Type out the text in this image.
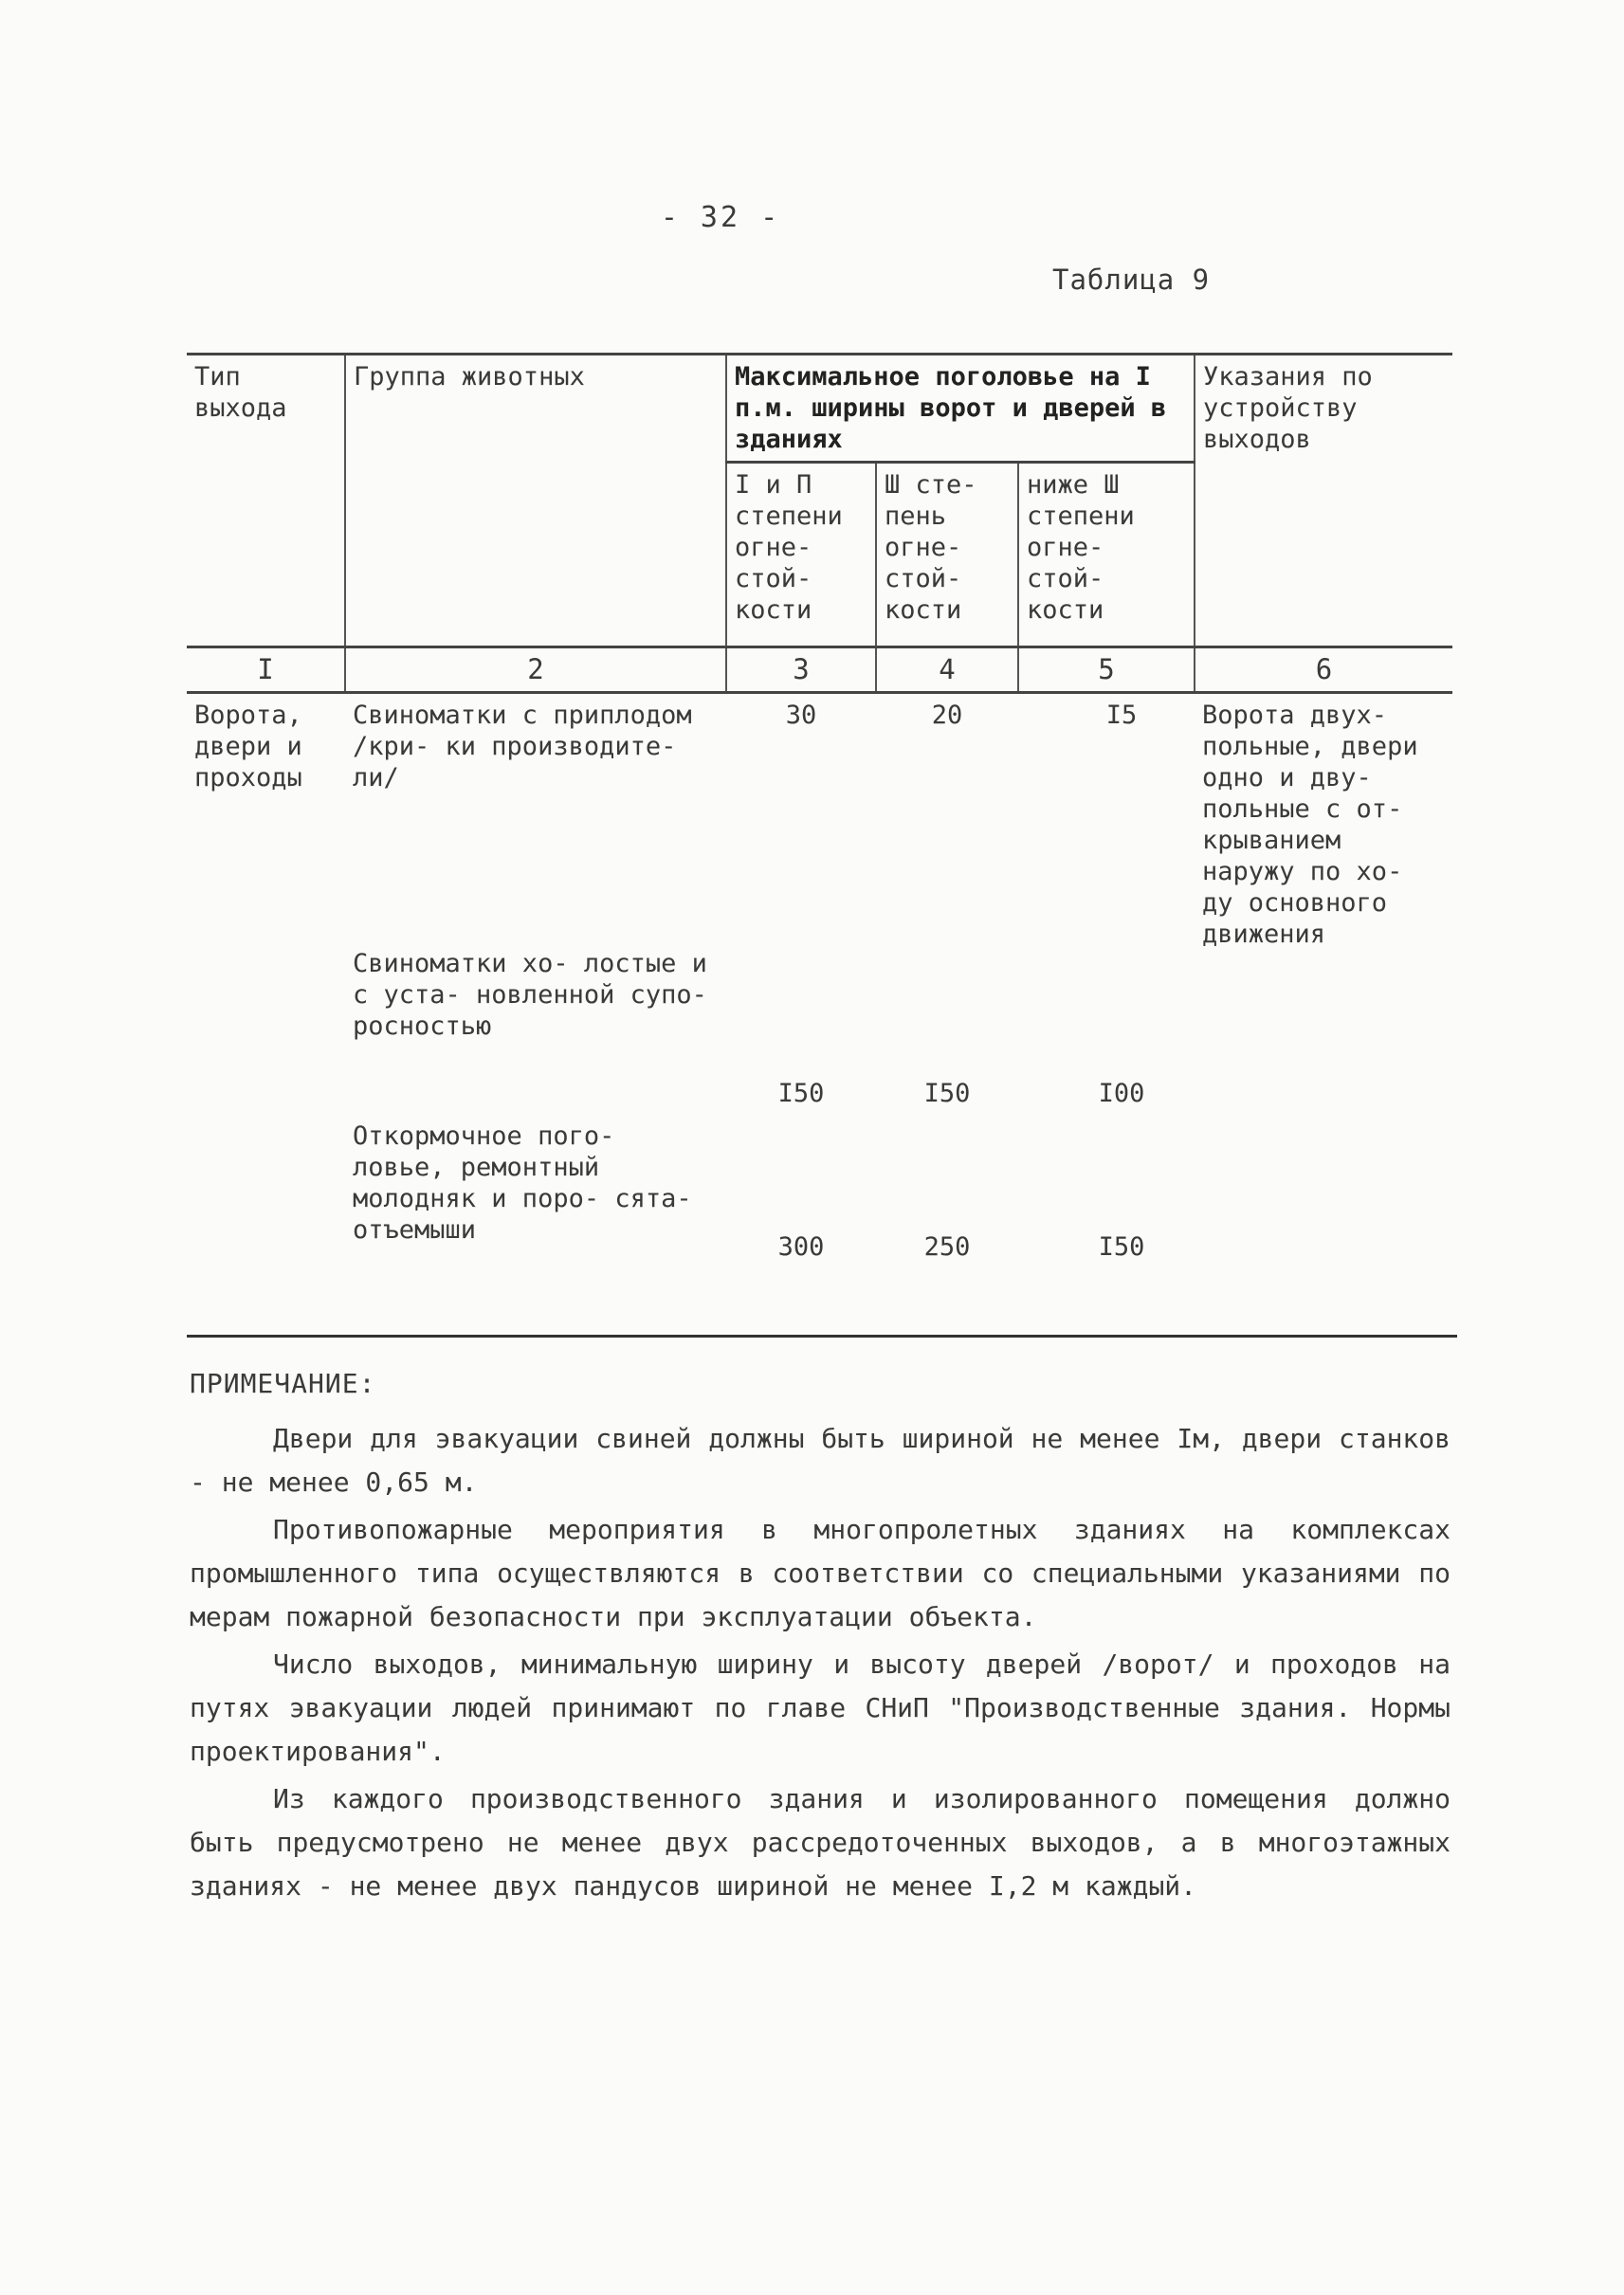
- 32 -
Таблица 9
Тип выхода	Группа животных	Максимальное поголовье на I п.м. ширины ворот и дверей в зданиях			Указания по устройству выходов
		I и П степени огне- стой- кости	Ш сте- пень огне- стой- кости	ниже Ш степени огне- стой- кости	
I	2	3	4	5	6
Ворота, двери и проходы	Свиноматки с приплодом /кри- ки производите- ли/	30	20	I5	Ворота двух- польные, двери одно и дву- польные с от- крыванием наружу по хо- ду основного движения
	Свиноматки хо- лостые и с уста- новленной супо- росностью	I50	I50	I00	
	Откормочное пого- ловье, ремонтный молодняк и поро- сята-отъемыши	300	250	I50	
ПРИМЕЧАНИЕ:

Двери для эвакуации свиней должны быть шириной не менее Iм, двери станков - не менее 0,65 м.

Противопожарные мероприятия в многопролетных зданиях на комплексах промышленного типа осуществляются в соответствии со специальными указаниями по мерам пожарной безопасности при эксплуатации объекта.

Число выходов, минимальную ширину и высоту дверей /ворот/ и проходов на путях эвакуации людей принимают по главе СНиП "Производственные здания. Нормы проектирования".

Из каждого производственного здания и изолированного помещения должно быть предусмотрено не менее двух рассредоточенных выходов, а в многоэтажных зданиях - не менее двух пандусов шириной не менее I,2 м каждый.
